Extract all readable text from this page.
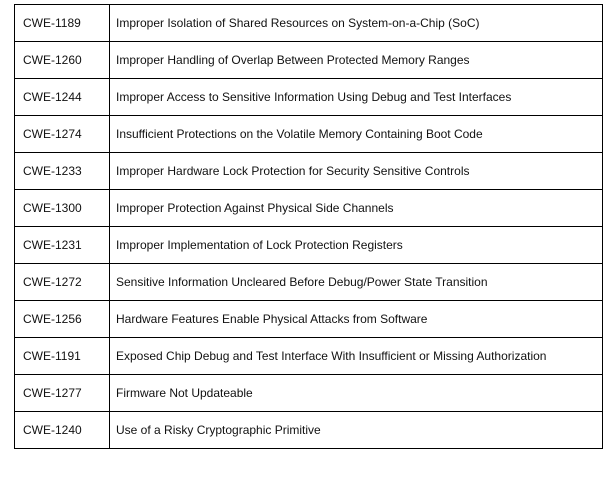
CWE-1189	Improper Isolation of Shared Resources on System-on-a-Chip (SoC)
CWE-1260	Improper Handling of Overlap Between Protected Memory Ranges
CWE-1244	Improper Access to Sensitive Information Using Debug and Test Interfaces
CWE-1274	Insufficient Protections on the Volatile Memory Containing Boot Code
CWE-1233	Improper Hardware Lock Protection for Security Sensitive Controls
CWE-1300	Improper Protection Against Physical Side Channels
CWE-1231	Improper Implementation of Lock Protection Registers
CWE-1272	Sensitive Information Uncleared Before Debug/Power State Transition
CWE-1256	Hardware Features Enable Physical Attacks from Software
CWE-1191	Exposed Chip Debug and Test Interface With Insufficient or Missing Authorization
CWE-1277	Firmware Not Updateable
CWE-1240	Use of a Risky Cryptographic Primitive
